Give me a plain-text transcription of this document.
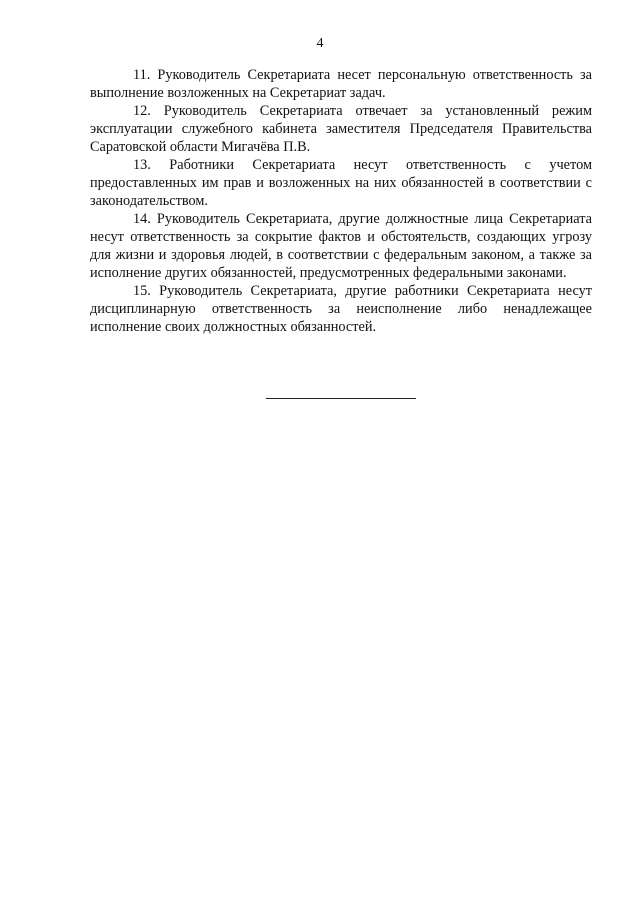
4

11. Руководитель Секретариата несет персональную ответственность за выполнение возложенных на Секретариат задач.

12. Руководитель Секретариата отвечает за установленный режим эксплуатации служебного кабинета заместителя Председателя Правительства Саратовской области Мигачёва П.В.

13. Работники Секретариата несут ответственность с учетом предоставленных им прав и возложенных на них обязанностей в соответствии с законодательством.

14. Руководитель Секретариата, другие должностные лица Секретариата несут ответственность за сокрытие фактов и обстоятельств, создающих угрозу для жизни и здоровья людей, в соответствии с федеральным законом, а также за исполнение других обязанностей, предусмотренных федеральными законами.

15. Руководитель Секретариата, другие работники Секретариата несут дисциплинарную ответственность за неисполнение либо ненадлежащее исполнение своих должностных обязанностей.
